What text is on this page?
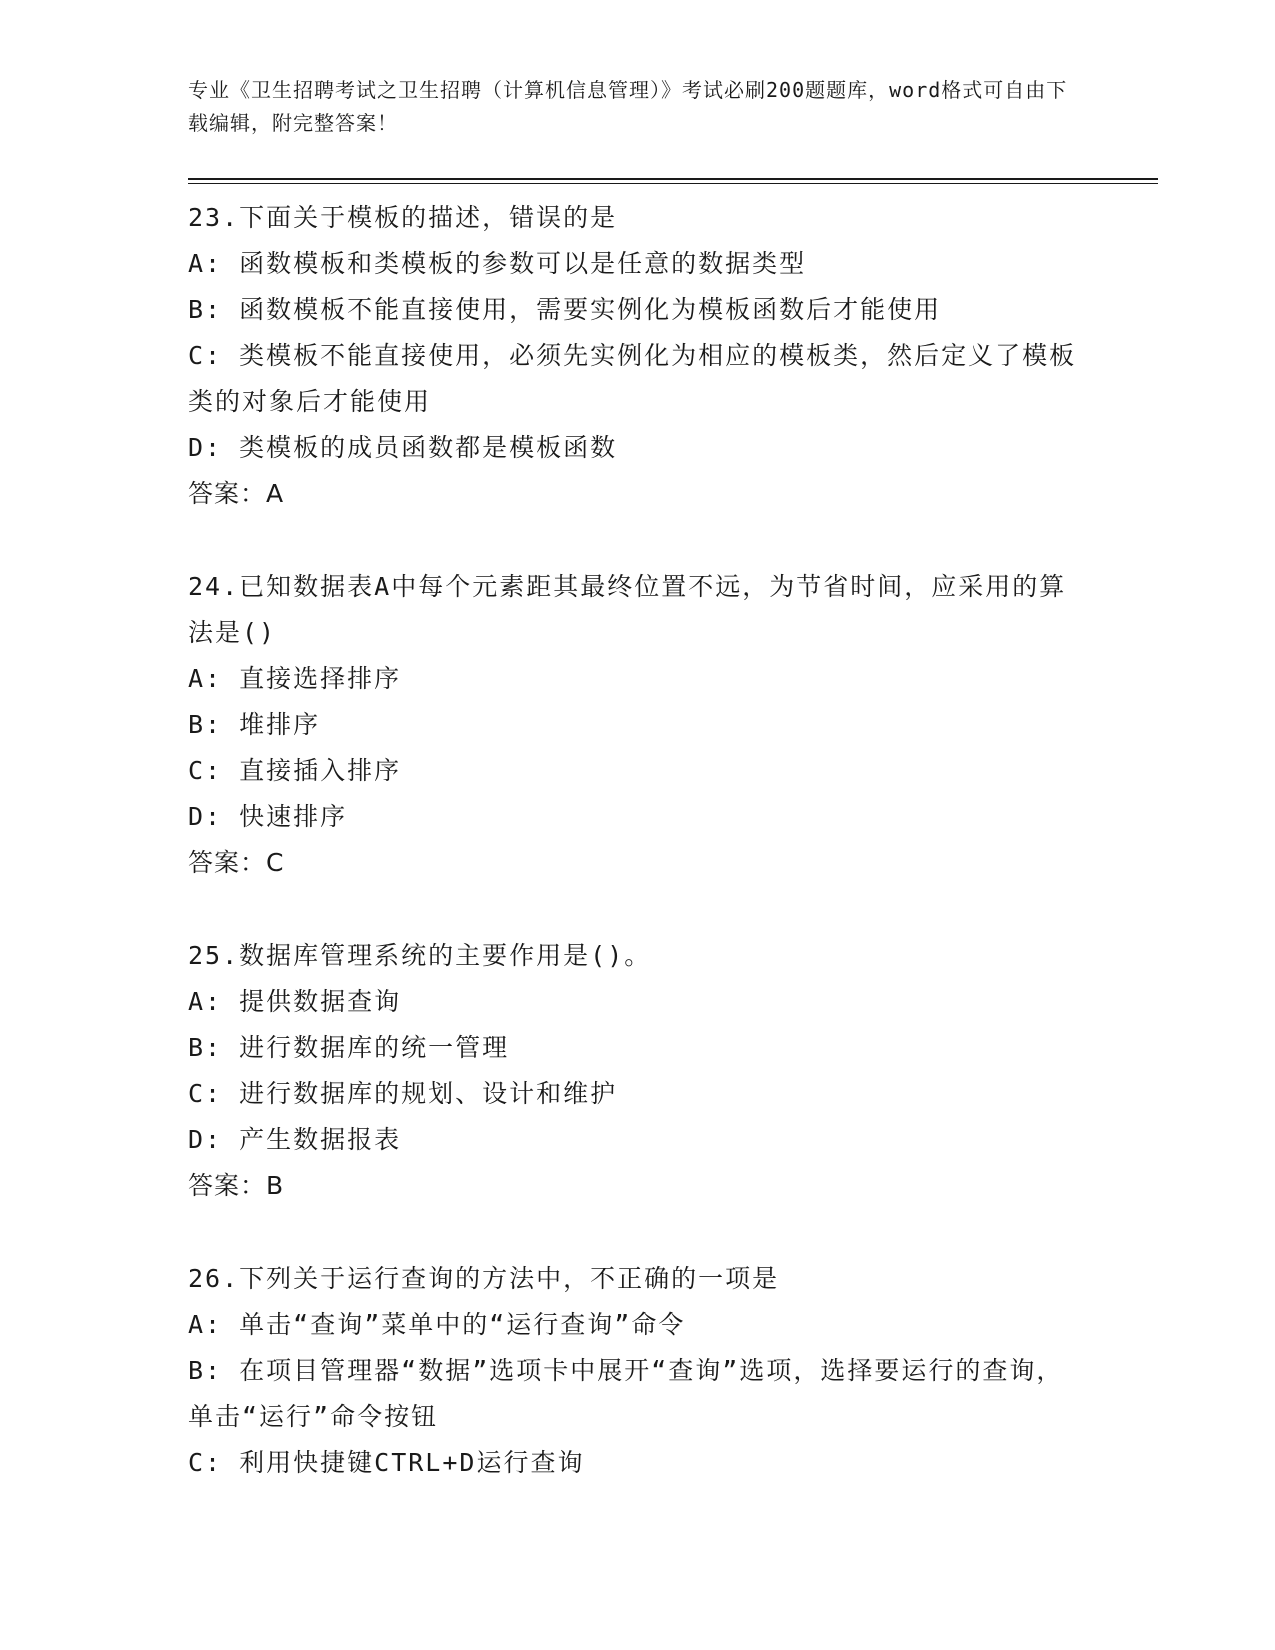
专业《卫生招聘考试之卫生招聘（计算机信息管理）》考试必刷200题题库，word格式可自由下载编辑，附完整答案！
23.下面关于模板的描述，错误的是
A: 函数模板和类模板的参数可以是任意的数据类型
B: 函数模板不能直接使用，需要实例化为模板函数后才能使用
C: 类模板不能直接使用，必须先实例化为相应的模板类，然后定义了模板类的对象后才能使用
D: 类模板的成员函数都是模板函数
答案：A
24.已知数据表A中每个元素距其最终位置不远，为节省时间，应采用的算法是()
A: 直接选择排序
B: 堆排序
C: 直接插入排序
D: 快速排序
答案：C
25.数据库管理系统的主要作用是()。
A: 提供数据查询
B: 进行数据库的统一管理
C: 进行数据库的规划、设计和维护
D: 产生数据报表
答案：B
26.下列关于运行查询的方法中，不正确的一项是
A: 单击“查询”菜单中的“运行查询”命令
B: 在项目管理器“数据”选项卡中展开“查询”选项，选择要运行的查询，单击“运行”命令按钮
C: 利用快捷键CTRL+D运行查询
